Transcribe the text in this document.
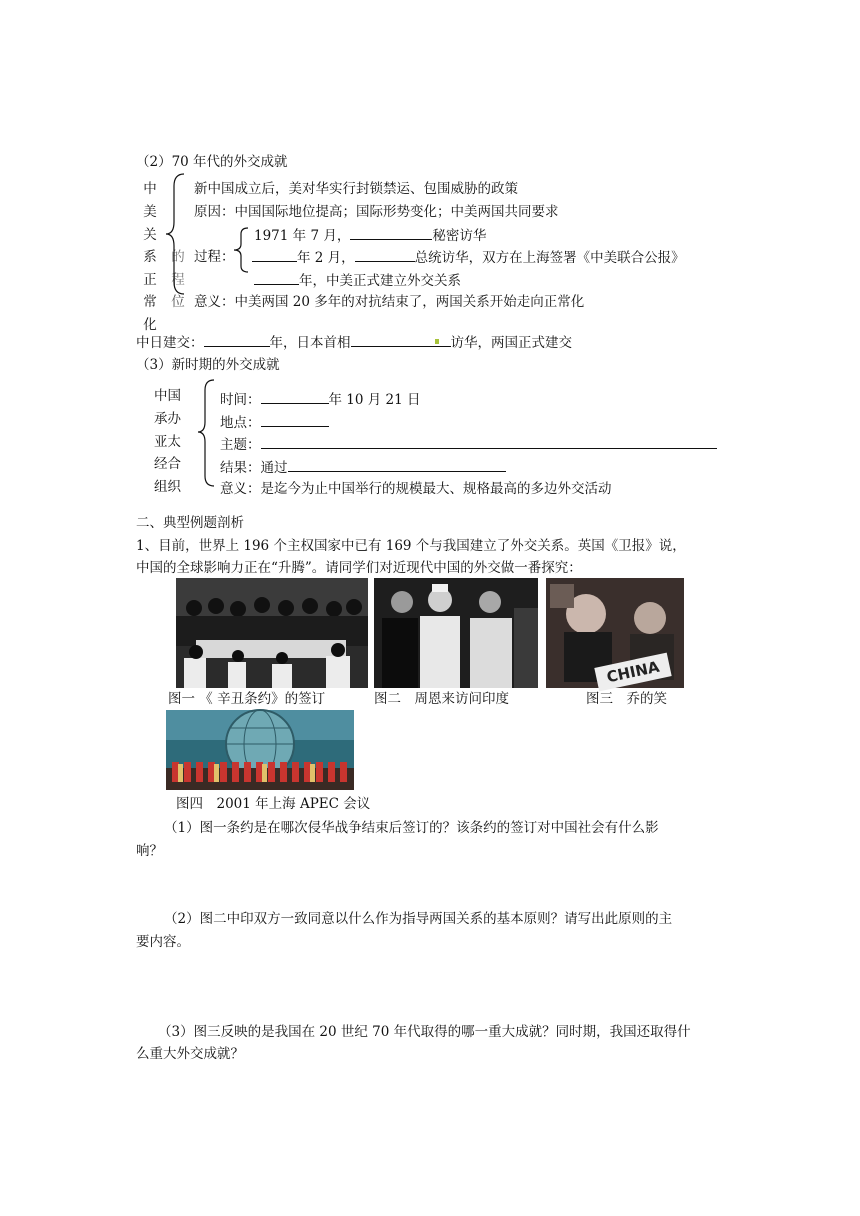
（2）70 年代的外交成就
中
美
关
系
正
常
化
的
程
位
新中国成立后，美对华实行封锁禁运、包围威胁的政策
原因：中国国际地位提高；国际形势变化；中美两国共同要求
过程：
1971 年 7 月，	秘密访华
年 2 月，	总统访华，双方在上海签署《中美联合公报》
年，中美正式建立外交关系
意义：中美两国 20 多年的对抗结束了，两国关系开始走向正常化
中日建交：	年，日本首相	访华，两国正式建交
（3）新时期的外交成就
中国
承办
亚太
经合
组织
时间：	年 10 月 21 日
地点：
主题：
结果：通过
意义：是迄今为止中国举行的规模最大、规格最高的多边外交活动
二、典型例题剖析
1、目前，世界上 196 个主权国家中已有 169 个与我国建立了外交关系。英国《卫报》说，
中国的全球影响力正在“升腾”。请同学们对近现代中国的外交做一番探究：
CHINA
图一 《 辛丑条约》的签订	图二　周恩来访问印度	图三　乔的笑
图四　2001 年上海 APEC 会议
（1）图一条约是在哪次侵华战争结束后签订的？该条约的签订对中国社会有什么影
响？
（2）图二中印双方一致同意以什么作为指导两国关系的基本原则？请写出此原则的主
要内容。
（3）图三反映的是我国在 20 世纪 70 年代取得的哪一重大成就？同时期，我国还取得什
么重大外交成就？
